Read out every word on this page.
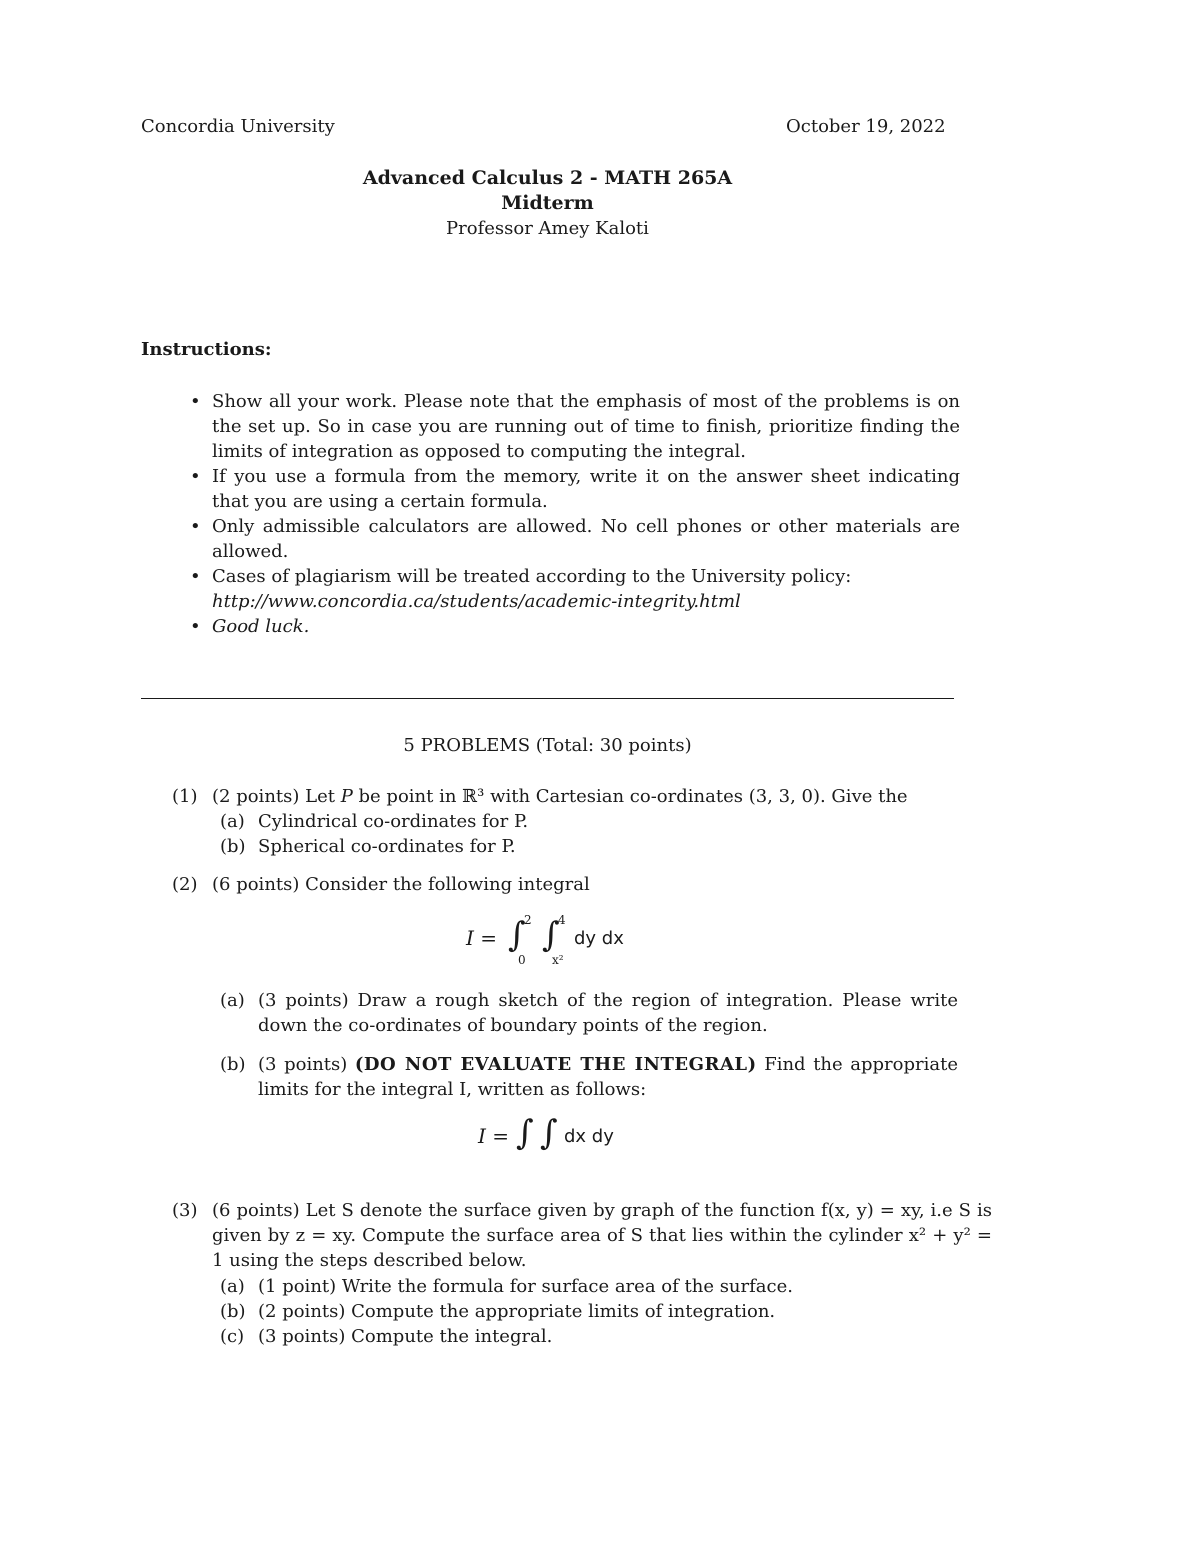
Concordia University	October 19, 2022
Advanced Calculus 2 - MATH 265A
Midterm
Professor Amey Kaloti
Instructions:
• Show all your work. Please note that the emphasis of most of the problems is on the set up. So in case you are running out of time to finish, prioritize finding the limits of integration as opposed to computing the integral.
• If you use a formula from the memory, write it on the answer sheet indicating that you are using a certain formula.
• Only admissible calculators are allowed. No cell phones or other materials are allowed.
• Cases of plagiarism will be treated according to the University policy:
http://www.concordia.ca/students/academic-integrity.html
• Good luck.
5 PROBLEMS (Total: 30 points)
(1) (2 points) Let P be point in ℝ³ with Cartesian co-ordinates (3, 3, 0). Give the
(a) Cylindrical co-ordinates for P.
(b) Spherical co-ordinates for P.
(2) (6 points) Consider the following integral
I = ∫
2
0
∫
4
x²
dy dx
(a) (3 points) Draw a rough sketch of the region of integration. Please write down the co-ordinates of boundary points of the region.
(b) (3 points) (DO NOT EVALUATE THE INTEGRAL) Find the appropriate limits for the integral I, written as follows:
I = ∫ ∫ dx dy
(3) (6 points) Let S denote the surface given by graph of the function f(x, y) = xy, i.e S is given by z = xy. Compute the surface area of S that lies within the cylinder x² + y² = 1 using the steps described below.
(a) (1 point) Write the formula for surface area of the surface.
(b) (2 points) Compute the appropriate limits of integration.
(c) (3 points) Compute the integral.
